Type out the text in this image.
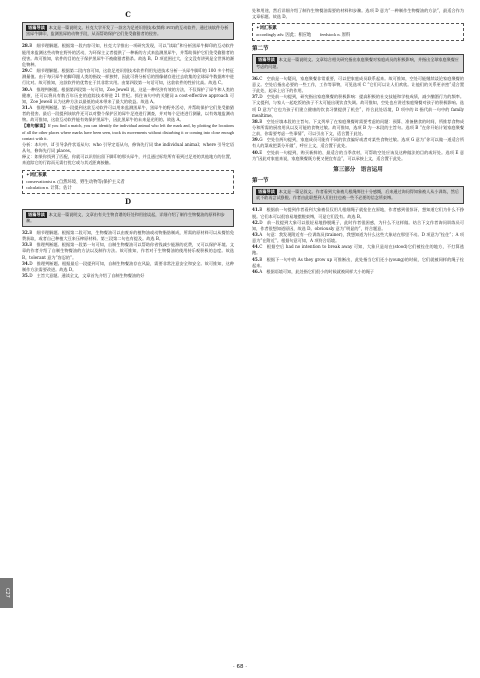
C
语篇导读 本文是一篇说明文。杜克大学开发了一款名为足迹识别技术(简称 FIT)的互动软件，通过该软件分析黑犀牛脚印，监测黑犀的动物手段，从而帮助保护它们免受偷猎者的侵害。

28.B　细节理解题。根据第一段内容可知，杜克大学推出一项研究发现，可以“读取”和分析黑犀牛脚印的互动软件能用来监测这些动物在野外的活动，为环保主义者提供了一种新的方式来监测黑犀牛，并帮助保护它们免受偷猎者的侵害。故可推知，软件的目的在于保护黑犀牛不被偷猎者猎杀。故选 B。D 项范围过大，全文没有讲到是全世界的濒危物种。

29.C　细节理解题。根据第二段内容可知，这款足迹识别技术软件利用先进技术分析一头犀牛脚印的 100 多个特征测量值。由于每只犀牛的脚印跟人类的指纹一样独特，因此可将分析后的图像储存进过去收集的全球犀牛数据库中进行比对。故可推知，这款软件的优势在于其非常实用。由第四段第一句话可知，这款软件的性价比高。故选 C。

30.A　推理判断题。根据第四段第一句可知，Zoe Jewell 说，这是一种经济有效的方法，不仅保护了犀牛和人类的健康，还可以将具有数百年历史的追踪技术带进 21 世纪。抓住该句中的关键词 a cost-effective approach 可知，Zoe Jewell 认为这种方法以最低的成本带来了最大的收益。故选 A。

31.A　推理判断题。第一段提到这款互动软件可以用来监测黑犀牛，黑犀牛的野外活动，并帮助保护它们免受偷猎者的侵害。最后一段提到该软件还可以对整个保护区的犀牛足迹进行测查，并对每个足迹进行测量，以有效地监测动物。故可推知，这款互动软件能有效保护黑犀牛，因此黑犀牛的未来是光明的。故选 A。

【难句解读】If you find a match, you can identify the individual animal who left the mark and, by plotting the locations of all the other places where marks have been seen, track its movements without disturbing it or coming into close enough contact with it.

分析：本句中，if 引导条件状语从句；who 引导定语从句，修饰先行词 the individual animal；where 引导定语从句，修饰先行词 places。

释义：如果你找到了匹配，你就可以识别出留下脚印的那头犀牛，并且通过标绘所有看到过足迹的其他地方的位置，来追踪它的行踪而无需打扰它或与其近距离接触。

✦ 词汇积累
conservationist n. (自然环境、野生动物等)保护主义者
calculation n. 计算；估计
D
语篇导读 本文是一篇说明文，文章由有关生物食谱的好处和用途谈起，详细介绍了制作生物餐油的原料和步骤。

32.B　细节理解题。根据第二段可知，生物餐油可以由废弃的植物油或动物脂肪制成，所需的原材料可以从餐馆免费获取，或者自己种植大豆来压榨原材料。第三段第二句也有提及。故选 B。

33.B　推理判断题。根据第一段第一句可知，自制生物餐油可以帮助你省钱减少能源的花费，又可以保护环境。文章的作者介绍了自制生物餐油的方法以及制作方法。故可推知，作者对于生物餐油的使用持乐观积极的态度。故选 B。tolerant 意为“容忍的”。

34.D　推理判断题。根据最后一段提到可知，自制生物餐油存在风险，需要非常注意安全和安全。故可推知，这种制作方法需要改进。故选 D。

35.D　主旨大意题。通读全文，文章首先介绍了自制生物餐油的好

处和用途，然后详细介绍了制作生物餐油需要的材料和步骤。选项 D 意为“一种制作生物餐油的方法”，最适合作为文章标题。故选 D。

✦ 词汇积累
accordingly adv. 因此；相应地　　feedstock n. 原料
第二节
语篇导读 本文是一篇说明文。文章综合相关研究指出家庭聚餐对家庭成员的积极影响，并指出全球家庭聚餐应考虑的问题。

36.C　空前是一句疑问，家庭聚餐非常重要，可以把家庭成员联系起来。故可推知，空处可能继续谈论家庭聚餐的意义。空处后指出必要的一些工作，工作等事物，可见选项 C “它们可以让人们欢欣。让他们的关系更亲密”适合置于此处，起承上启下的作用。

37.D　空处前一句提到，研究指出家庭聚餐的积极影响：提高积极的社交技能和学校成绩，减少酗酒行为的频率。下文提到，与家人一起吃饭的孩子不太可能出现饮食失调。故可推知，空处也应讲述家庭聚餐对孩子的积极影响。选项 D 意为“它也为孩子们建立健康的饮食习惯提供了机会”，符合此处语境，D 项中的 it 指代前一句中的 family mealtime。

38.B　空处应填本段的主旨句。下文列举了在家庭聚餐时需要考虑的问题：预算、准备膳食的时间，所推荐食物成分和所需的厨房用具以及可能的食物过敏。故可推知，选项 B 为一本段的主旨句。选项 B “在你开始计划家庭聚餐之前，你需要考虑一些事情”，可以引出下文，适合置于此处。

39.G　空处位两句提到，家庭成员可能有不同的饮食偏好或者对某些食物过敏。选项 G 意为“你可以做一道适合所有人的菜或把菜分开做”，呼应上文，适合置于此处。

40.E　空处前一句提到，购买新鲜的、最适合的当季食材，可帮助空处应该及这种做法的目的或好处。选项 E 意为“因此对家庭来说，家庭聚餐既方便又便宜有益”，可以承接上文，适合置于此处。

第三部分　语言运用
第一节
语篇导读 本文是一篇记叙文。作者看到大象被几根绳绑住十分感慨，后来通过询问得知象被人从小训练，然后就不敢再尝试挣脱。作者由此联想到人们往往也被一些不必要的信念所束缚。

41.B　根据前一句提到作者看到大象被仅仅用几根细绳子就拴住在原地，作者感到很惊讶，想知道它们为什么不挣脱。它们本可以很容易地摆脱束缚，可是它们没有。故选 B。

42.D　前一段提到大象可以很轻易地挣脱绳子，此时作者很困惑，为什么不这样做。结合下文作者询问训练员可知，作者很想知道原因，故选 D。obviously 意为“明显的”，符合题意。

43.A　句意：我发现附近有一位训练员(trainer)，我想知道为什么这些大象站在那里不动。D 项意为“拴住”；A 项意为“在附近”。根据句意可知，A 项符合语境。

44.C　根据空后 had no intention to break away 可知，大象只是站在(stood)它们被拴住的地方，不打算逃跑。

45.B　根据下一句中的 As they grow up 可推断出，此处指当它们还小(young)的时候，它们就被同样的绳子拴起来。

46.A　根据语境可知，此处指它们很小的时候就被同样大小的绳子

C27
· 68 ·
